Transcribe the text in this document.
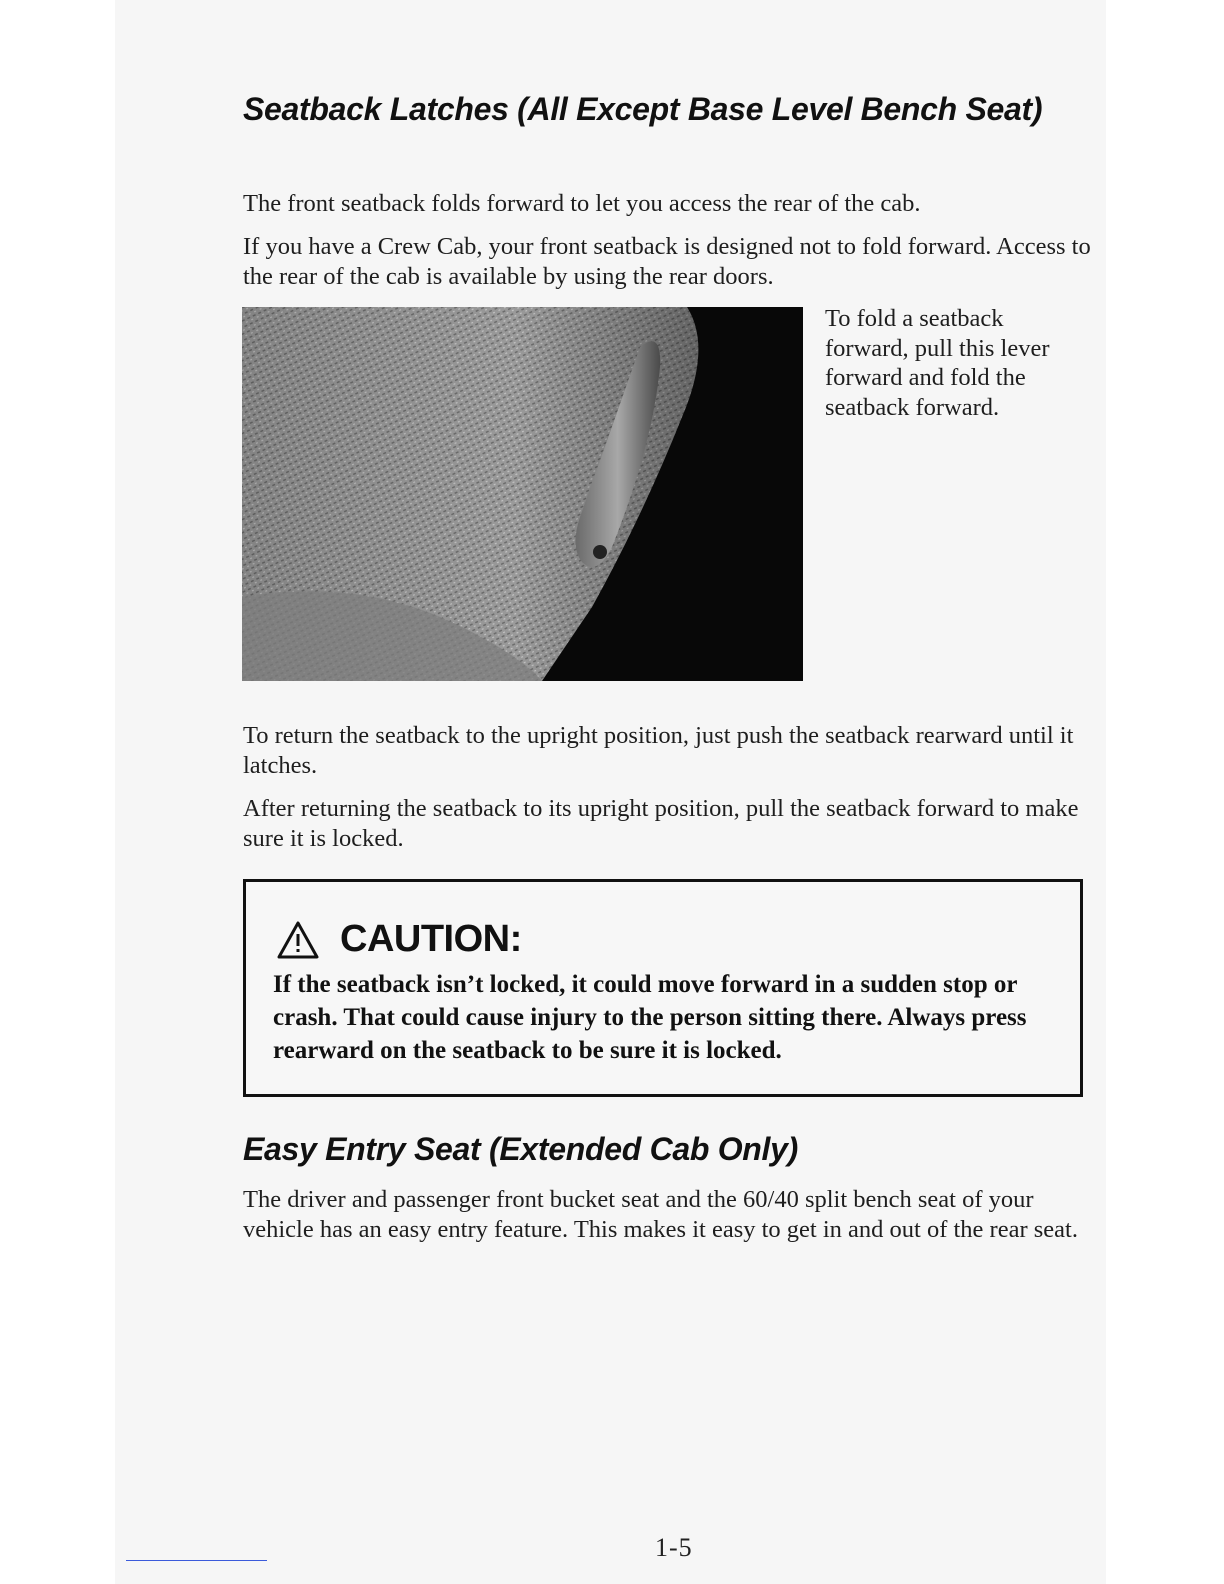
Seatback Latches (All Except Base Level Bench Seat)

The front seatback folds forward to let you access the rear of the cab.

If you have a Crew Cab, your front seatback is designed not to fold forward. Access to the rear of the cab is available by using the rear doors.

To fold a seatback forward, pull this lever forward and fold the seatback forward.

To return the seatback to the upright position, just push the seatback rearward until it latches.

After returning the seatback to its upright position, pull the seatback forward to make sure it is locked.

CAUTION:

If the seatback isn’t locked, it could move forward in a sudden stop or crash. That could cause injury to the person sitting there. Always press rearward on the seatback to be sure it is locked.

Easy Entry Seat (Extended Cab Only)

The driver and passenger front bucket seat and the 60/40 split bench seat of your vehicle has an easy entry feature. This makes it easy to get in and out of the rear seat.

1-5
